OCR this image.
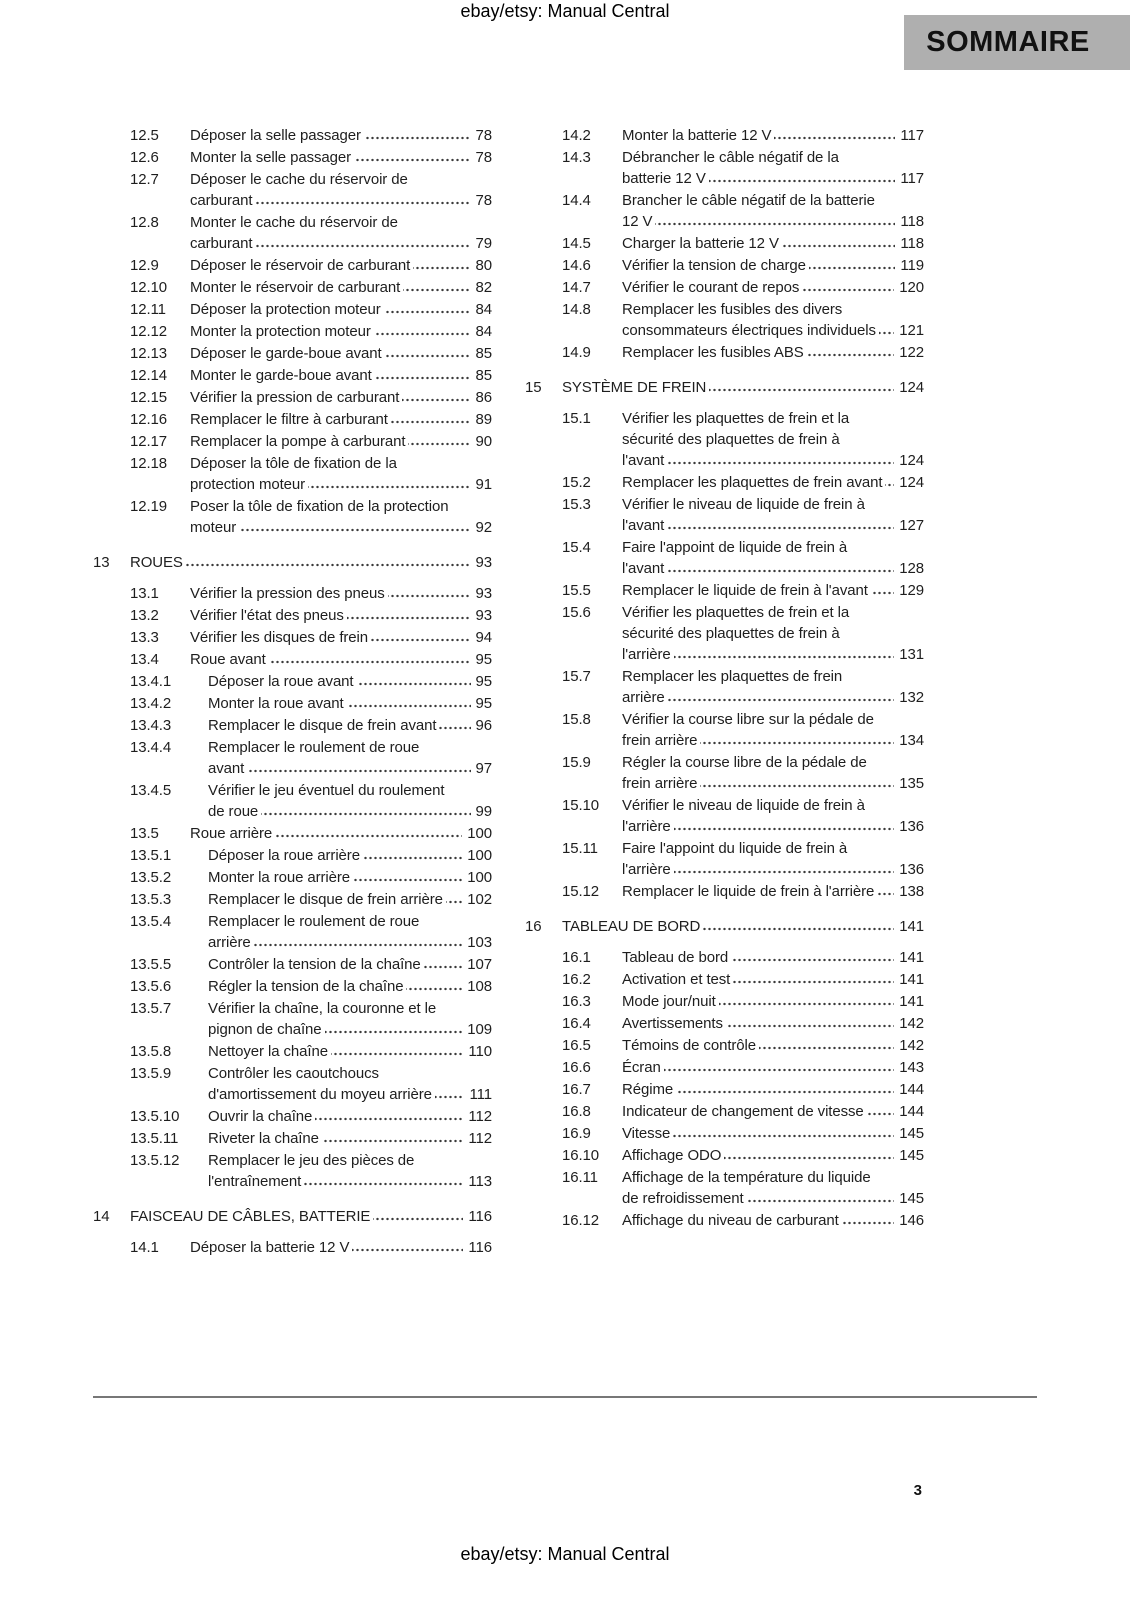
ebay/etsy: Manual Central
SOMMAIRE
12.5	Déposer la selle passager	78
12.6	Monter la selle passager	78
12.7	Déposer le cache du réservoir de carburant	78
12.8	Monter le cache du réservoir de carburant	79
12.9	Déposer le réservoir de carburant	80
12.10	Monter le réservoir de carburant	82
12.11	Déposer la protection moteur	84
12.12	Monter la protection moteur	84
12.13	Déposer le garde-boue avant	85
12.14	Monter le garde-boue avant	85
12.15	Vérifier la pression de carburant	86
12.16	Remplacer le filtre à carburant	89
12.17	Remplacer la pompe à carburant	90
12.18	Déposer la tôle de fixation de la protection moteur	91
12.19	Poser la tôle de fixation de la protection moteur	92
13	ROUES	93
13.1	Vérifier la pression des pneus	93
13.2	Vérifier l'état des pneus	93
13.3	Vérifier les disques de frein	94
13.4	Roue avant	95
13.4.1	Déposer la roue avant	95
13.4.2	Monter la roue avant	95
13.4.3	Remplacer le disque de frein avant	96
13.4.4	Remplacer le roulement de roue avant	97
13.4.5	Vérifier le jeu éventuel du roulement de roue	99
13.5	Roue arrière	100
13.5.1	Déposer la roue arrière	100
13.5.2	Monter la roue arrière	100
13.5.3	Remplacer le disque de frein arrière	102
13.5.4	Remplacer le roulement de roue arrière	103
13.5.5	Contrôler la tension de la chaîne	107
13.5.6	Régler la tension de la chaîne	108
13.5.7	Vérifier la chaîne, la couronne et le pignon de chaîne	109
13.5.8	Nettoyer la chaîne	110
13.5.9	Contrôler les caoutchoucs d'amortissement du moyeu arrière	111
13.5.10	Ouvrir la chaîne	112
13.5.11	Riveter la chaîne	112
13.5.12	Remplacer le jeu des pièces de l'entraînement	113
14	FAISCEAU DE CÂBLES, BATTERIE	116
14.1	Déposer la batterie 12 V	116
14.2	Monter la batterie 12 V	117
14.3	Débrancher le câble négatif de la batterie 12 V	117
14.4	Brancher le câble négatif de la batterie 12 V	118
14.5	Charger la batterie 12 V	118
14.6	Vérifier la tension de charge	119
14.7	Vérifier le courant de repos	120
14.8	Remplacer les fusibles des divers consommateurs électriques individuels	121
14.9	Remplacer les fusibles ABS	122
15	SYSTÈME DE FREIN	124
15.1	Vérifier les plaquettes de frein et la sécurité des plaquettes de frein à l'avant	124
15.2	Remplacer les plaquettes de frein avant	124
15.3	Vérifier le niveau de liquide de frein à l'avant	127
15.4	Faire l'appoint de liquide de frein à l'avant	128
15.5	Remplacer le liquide de frein à l'avant	129
15.6	Vérifier les plaquettes de frein et la sécurité des plaquettes de frein à l'arrière	131
15.7	Remplacer les plaquettes de frein arrière	132
15.8	Vérifier la course libre sur la pédale de frein arrière	134
15.9	Régler la course libre de la pédale de frein arrière	135
15.10	Vérifier le niveau de liquide de frein à l'arrière	136
15.11	Faire l'appoint du liquide de frein à l'arrière	136
15.12	Remplacer le liquide de frein à l'arrière	138
16	TABLEAU DE BORD	141
16.1	Tableau de bord	141
16.2	Activation et test	141
16.3	Mode jour/nuit	141
16.4	Avertissements	142
16.5	Témoins de contrôle	142
16.6	Écran	143
16.7	Régime	144
16.8	Indicateur de changement de vitesse	144
16.9	Vitesse	145
16.10	Affichage ODO	145
16.11	Affichage de la température du liquide de refroidissement	145
16.12	Affichage du niveau de carburant	146
3
ebay/etsy: Manual Central
